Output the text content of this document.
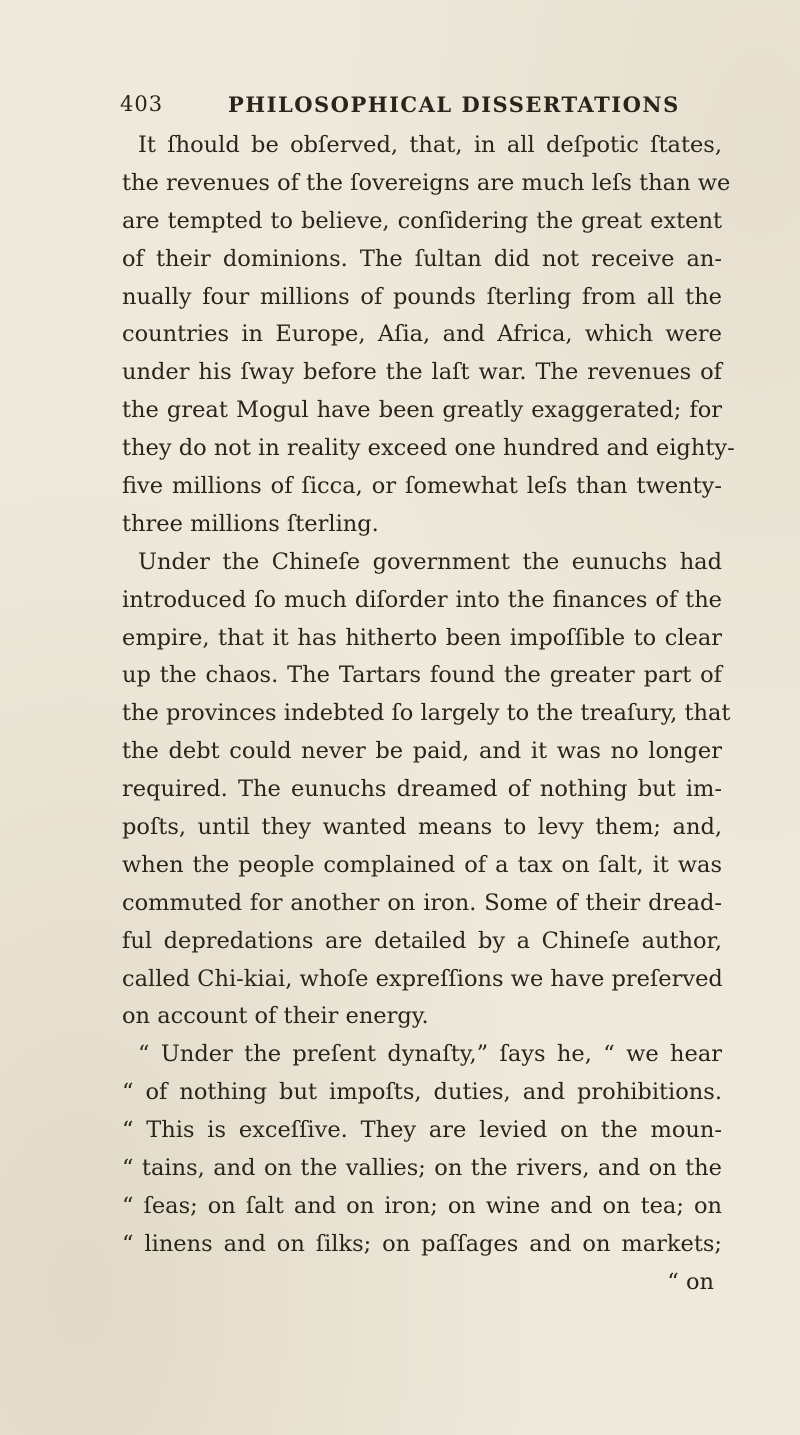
403	PHILOSOPHICAL DISSERTATIONS
It ſhould be obſerved, that, in all deſpotic ſtates,
the revenues of the ſovereigns are much leſs than we
are tempted to believe, conſidering the great extent
of their dominions. The ſultan did not receive an-
nually four millions of pounds ſterling from all the
countries in Europe, Aſia, and Africa, which were
under his ſway before the laſt war. The revenues of
the great Mogul have been greatly exaggerated; for
they do not in reality exceed one hundred and eighty-
five millions of ſicca, or ſomewhat leſs than twenty-
three millions ſterling.
Under the Chineſe government the eunuchs had
introduced ſo much diſorder into the finances of the
empire, that it has hitherto been impoſſible to clear
up the chaos. The Tartars found the greater part of
the provinces indebted ſo largely to the treaſury, that
the debt could never be paid, and it was no longer
required. The eunuchs dreamed of nothing but im-
poſts, until they wanted means to levy them; and,
when the people complained of a tax on ſalt, it was
commuted for another on iron. Some of their dread-
ful depredations are detailed by a Chineſe author,
called Chi-kiai, whoſe expreſſions we have preſerved
on account of their energy.
“ Under the preſent dynaſty,” ſays he, “ we hear
“ of nothing but impoſts, duties, and prohibitions.
“ This is exceſſive. They are levied on the moun-
“ tains, and on the vallies; on the rivers, and on the
“ ſeas; on ſalt and on iron; on wine and on tea; on
“ linens and on ſilks; on paſſages and on markets;
“ on
